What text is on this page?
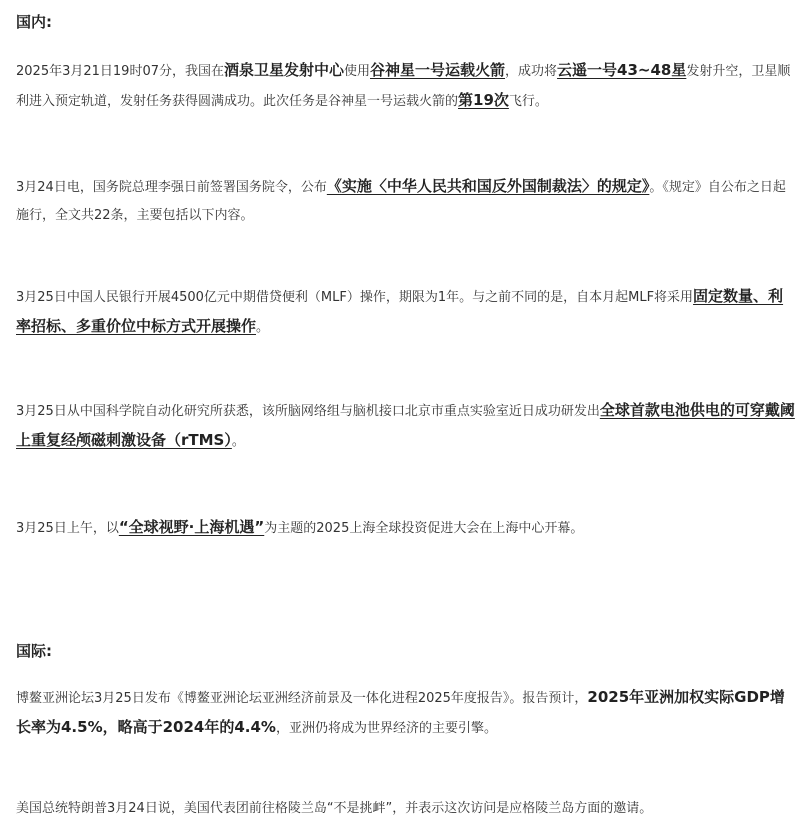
国内:

2025年3月21日19时07分，我国在酒泉卫星发射中心使用谷神星一号运载火箭，成功将云遥一号43~48星发射升空，卫星顺利进入预定轨道，发射任务获得圆满成功。此次任务是谷神星一号运载火箭的第19次飞行。

3月24日电，国务院总理李强日前签署国务院令，公布《实施〈中华人民共和国反外国制裁法〉的规定》。《规定》自公布之日起施行，全文共22条，主要包括以下内容。

3月25日中国人民银行开展4500亿元中期借贷便利（MLF）操作，期限为1年。与之前不同的是，自本月起MLF将采用固定数量、利率招标、多重价位中标方式开展操作。

3月25日从中国科学院自动化研究所获悉，该所脑网络组与脑机接口北京市重点实验室近日成功研发出全球首款电池供电的可穿戴阈上重复经颅磁刺激设备（rTMS）。

3月25日上午，以“全球视野·上海机遇”为主题的2025上海全球投资促进大会在上海中心开幕。

国际:

博鳌亚洲论坛3月25日发布《博鳌亚洲论坛亚洲经济前景及一体化进程2025年度报告》。报告预计，2025年亚洲加权实际GDP增长率为4.5%，略高于2024年的4.4%，亚洲仍将成为世界经济的主要引擎。

美国总统特朗普3月24日说，美国代表团前往格陵兰岛“不是挑衅”，并表示这次访问是应格陵兰岛方面的邀请。
